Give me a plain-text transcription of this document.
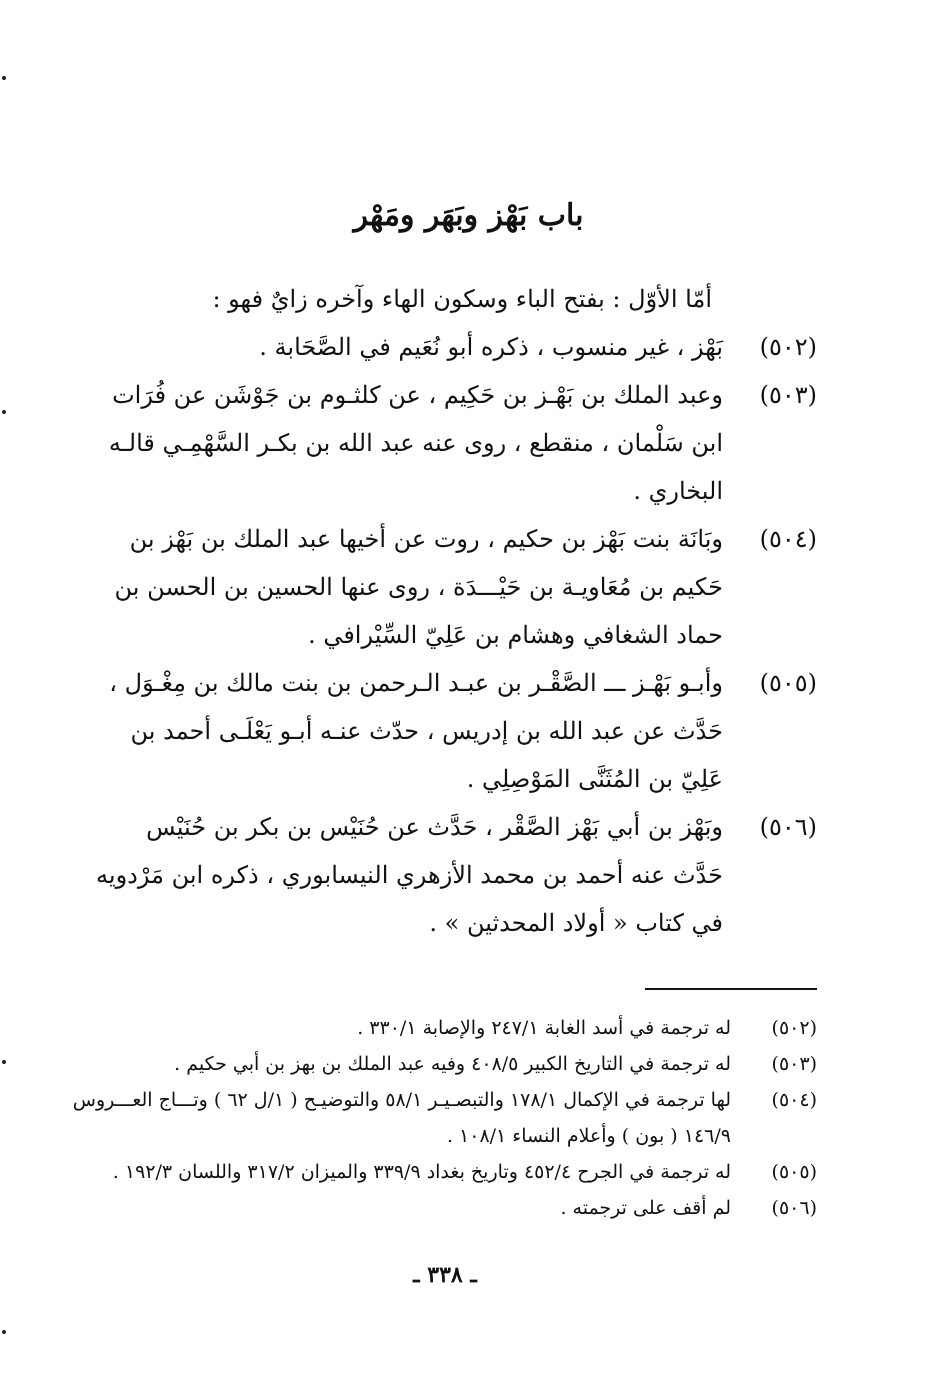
باب بَهْز وبَهَر ومَهْر
أمّا الأوّل : بفتح الباء وسكون الهاء وآخره زايٌ فهو :
(٥٠٢)
بَهْز ، غير منسوب ، ذكره أبو نُعَيم في الصَّحَابة .
(٥٠٣)
وعبد الملك بن بَهْـز بن حَكِيم ، عن كلثـوم بن جَوْشَن عن فُرَات
ابن سَلْمان ، منقطع ، روى عنه عبد الله بن بكـر السَّهْمِـي قالـه
البخاري .
(٥٠٤)
وبَانَة بنت بَهْز بن حكيم ، روت عن أخيها عبد الملك بن بَهْز بن
حَكيم بن مُعَاويـة بن حَيْـــدَة ، روى عنها الحسين بن الحسن بن
حماد الشغافي وهشام بن عَلِيّ السِّيْرافي .
(٥٠٥)
وأبـو بَهْـز ـــ الصَّقْـر بن عبـد الـرحمن بن بنت مالك بن مِغْـوَل ،
حَدَّث عن عبد الله بن إدريس ، حدّث عنـه أبـو يَعْلَـى أحمد بن
عَلِيّ بن المُثَنَّى المَوْصِلِي .
(٥٠٦)
وبَهْز بن أبي بَهْز الصَّقْر ، حَدَّث عن حُنَيْس بن بكر بن حُنَيْس
حَدَّث عنه أحمد بن محمد الأزهري النيسابوري ، ذكره ابن مَرْدويه
في كتاب « أولاد المحدثين » .
(٥٠٢)
له ترجمة في أسد الغابة ٢٤٧/١ والإصابة ٣٣٠/١ .
(٥٠٣)
له ترجمة في التاريخ الكبير ٤٠٨/٥ وفيه عبد الملك بن بهز بن أبي حكيم .
(٥٠٤)
لها ترجمة في الإكمال ١٧٨/١ والتبصـيـر ٥٨/١ والتوضيـح ( ١/ل ٦٢ ) وتـــاج العـــروس
١٤٦/٩ ( بون ) وأعلام النساء ١٠٨/١ .
(٥٠٥)
له ترجمة في الجرح ٤٥٢/٤ وتاريخ بغداد ٣٣٩/٩ والميزان ٣١٧/٢ واللسان ١٩٢/٣ .
(٥٠٦)
لم أقف على ترجمته .
ـ ٣٣٨ ـ
